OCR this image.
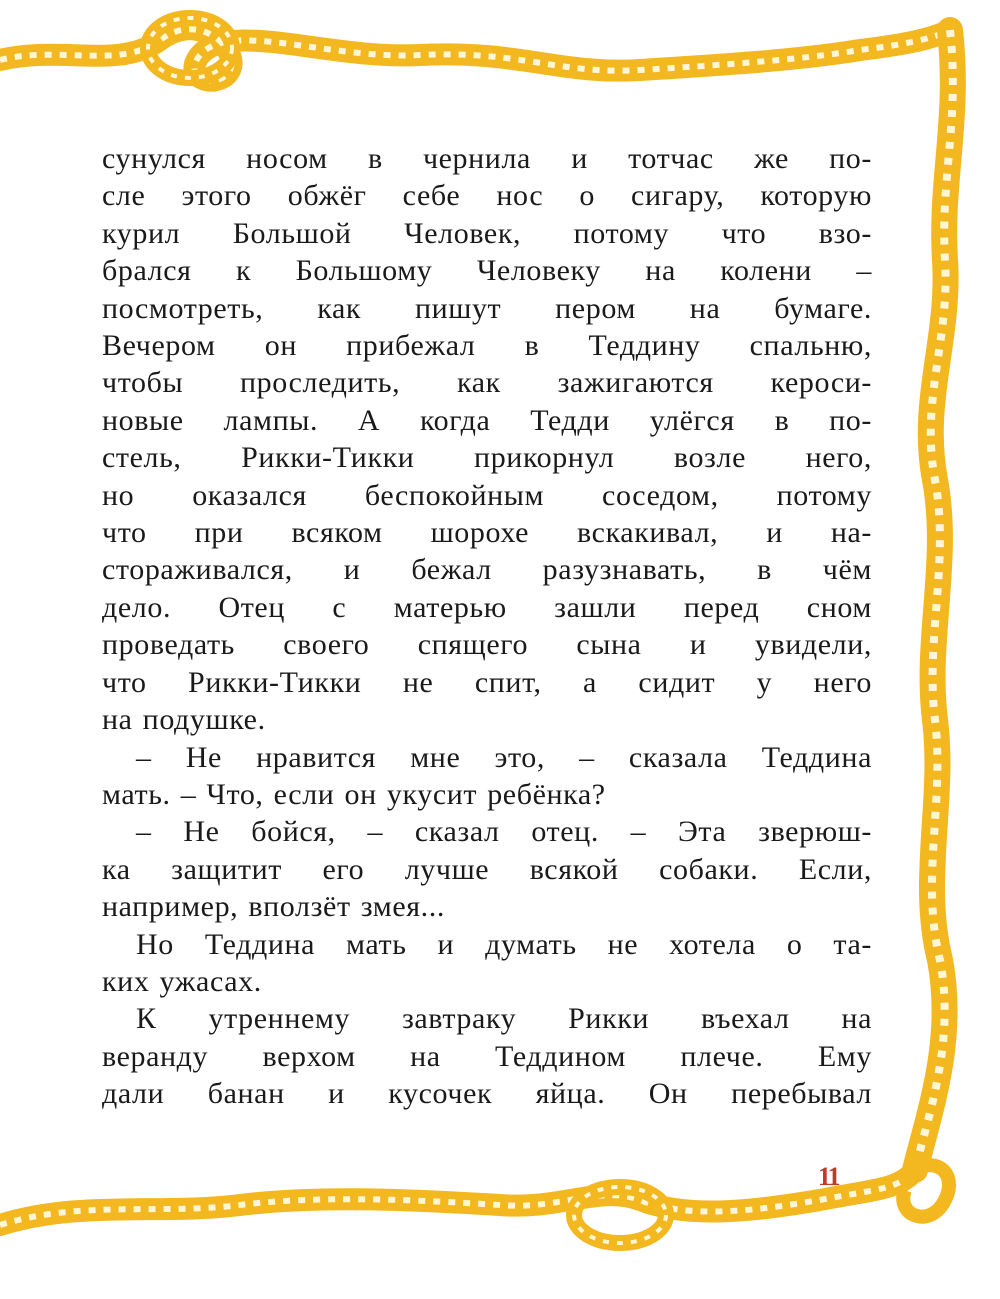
сунулся носом в чернила и тотчас же по-
сле этого обжёг себе нос о сигару, которую
курил Большой Человек, потому что взо-
брался к Большому Человеку на колени –
посмотреть, как пишут пером на бумаге.
Вечером он прибежал в Теддину спальню,
чтобы проследить, как зажигаются кероси-
новые лампы. А когда Тедди улёгся в по-
стель, Рикки-Тикки прикорнул возле него,
но оказался беспокойным соседом, потому
что при всяком шорохе вскакивал, и на-
сторaживался, и бежал разузнавать, в чём
дело. Отец с матерью зашли перед сном
проведать своего спящего сына и увидели,
что Рикки-Тикки не спит, а сидит у него
на подушке.
– Не нравится мне это, – сказала Теддина
мать. – Что, если он укусит ребёнка?
– Не бойся, – сказал отец. – Эта зверюш-
ка защитит его лучше всякой собаки. Если,
например, вползёт змея...
Но Теддина мать и думать не хотела о та-
ких ужасах.
К утреннему завтраку Рикки въехал на
веранду верхом на Теддином плече. Ему
дали банан и кусочек яйца. Он перебывал
11
